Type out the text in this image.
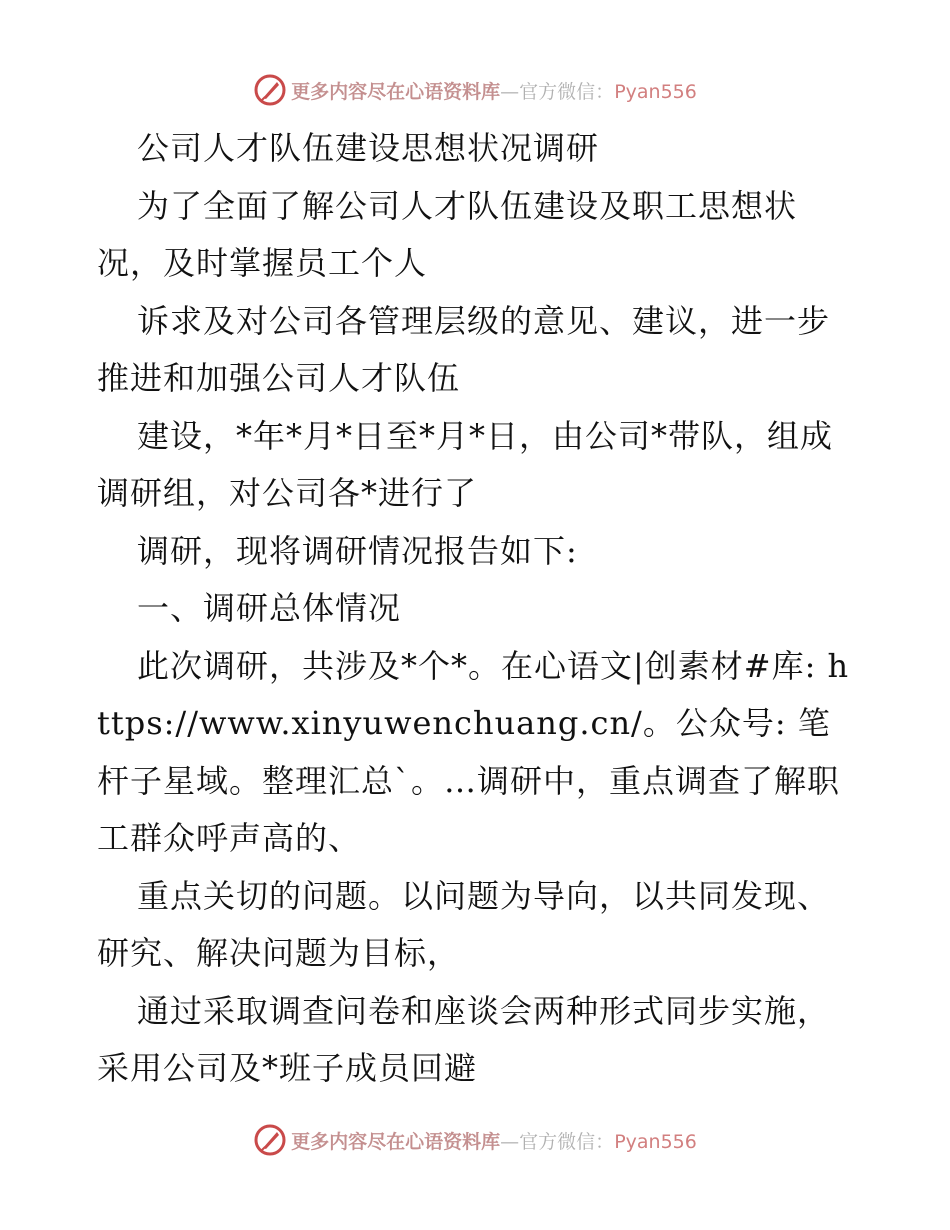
更多内容尽在心语资料库—官方微信：Pyan556

公司人才队伍建设思想状况调研

为了全面了解公司人才队伍建设及职工思想状况，及时掌握员工个人

诉求及对公司各管理层级的意见、建议，进一步推进和加强公司人才队伍

建设，*年*月*日至*月*日，由公司*带队，组成调研组，对公司各*进行了

调研，现将调研情况报告如下:

一、调研总体情况

此次调研，共涉及*个*。在心语文|创素材#库: https://www.xinyuwenchuang.cn/。公众号: 笔杆子星域。整理汇总`。…调研中，重点调查了解职工群众呼声高的、

重点关切的问题。以问题为导向，以共同发现、研究、解决问题为目标，

通过采取调查问卷和座谈会两种形式同步实施，采用公司及*班子成员回避

更多内容尽在心语资料库—官方微信：Pyan556
